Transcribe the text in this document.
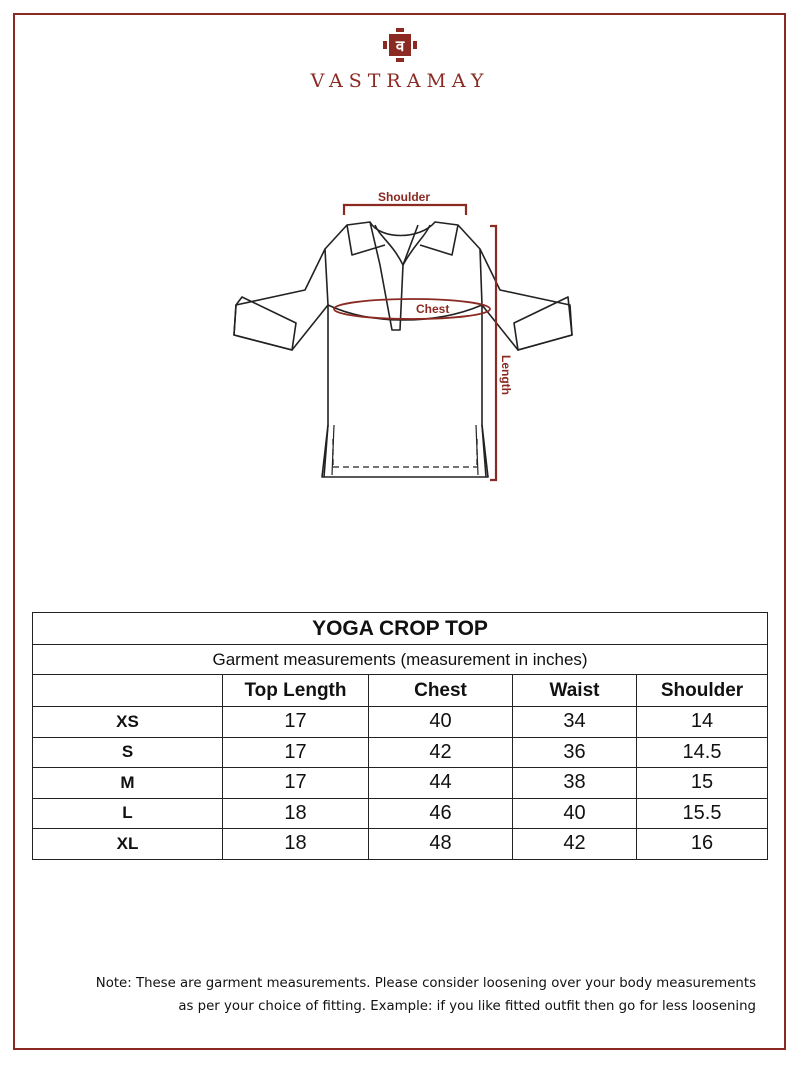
व
VASTRAMAY
Shoulder
Chest
Length
YOGA CROP TOP				
Garment measurements (measurement in inches)				
	Top Length	Chest	Waist	Shoulder
XS	17	40	34	14
S	17	42	36	14.5
M	17	44	38	15
L	18	46	40	15.5
XL	18	48	42	16
Note: These are garment measurements. Please consider loosening over your body measurements
as per your choice of fitting. Example: if you like fitted outfit then go for less loosening
